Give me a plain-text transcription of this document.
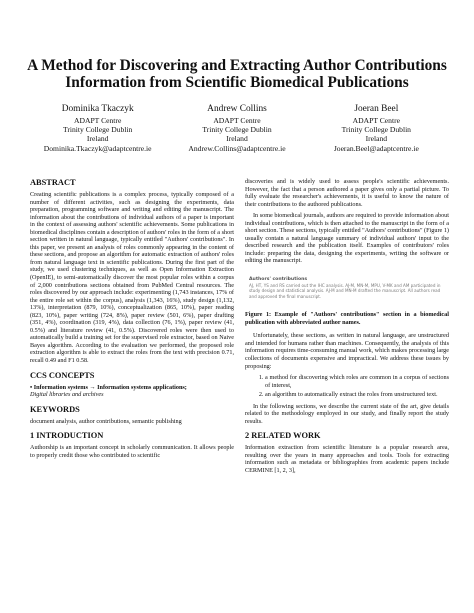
A Method for Discovering and Extracting Author Contributions Information from Scientific Biomedical Publications
Dominika Tkaczyk
ADAPT Centre
Trinity College Dublin
Ireland
Dominika.Tkaczyk@adaptcentre.ie
Andrew Collins
ADAPT Centre
Trinity College Dublin
Ireland
Andrew.Collins@adaptcentre.ie
Joeran Beel
ADAPT Centre
Trinity College Dublin
Ireland
Joeran.Beel@adaptcentre.ie
ABSTRACT

Creating scientific publications is a complex process, typically composed of a number of different activities, such as designing the experiments, data preparation, programming software and writing and editing the manuscript. The information about the contributions of individual authors of a paper is important in the context of assessing authors' scientific achievements. Some publications in biomedical disciplines contain a description of authors' roles in the form of a short section written in natural language, typically entitled "Authors' contributions". In this paper, we present an analysis of roles commonly appearing in the content of these sections, and propose an algorithm for automatic extraction of authors' roles from natural language text in scientific publications. During the first part of the study, we used clustering techniques, as well as Open Information Extraction (OpenIE), to semi-automatically discover the most popular roles within a corpus of 2,000 contributions sections obtained from PubMed Central resources. The roles discovered by our approach include: experimenting (1,743 instances, 17% of the entire role set within the corpus), analysis (1,343, 16%), study design (1,132, 13%), interpretation (879, 10%), conceptualization (865, 10%), paper reading (823, 10%), paper writing (724, 8%), paper review (501, 6%), paper drafting (351, 4%), coordination (319, 4%), data collection (76, 1%), paper review (41, 0.5%) and literature review (41, 0.5%). Discovered roles were then used to automatically build a training set for the supervised role extractor, based on Naive Bayes algorithm. According to the evaluation we performed, the proposed role extraction algorithm is able to extract the roles from the text with precision 0.71, recall 0.49 and F1 0.58.

CCS CONCEPTS

• Information systems → Information systems applications;

Digital libraries and archives

KEYWORDS

document analysis, author contributions, semantic publishing

1 INTRODUCTION

Authorship is an important concept in scholarly communication. It allows people to properly credit those who contributed to scientific

discoveries and is widely used to assess people's scientific achievements. However, the fact that a person authored a paper gives only a partial picture. To fully evaluate the researcher's achievements, it is useful to know the nature of their contributions to the authored publications.

In some biomedical journals, authors are required to provide information about individual contributions, which is then attached to the manuscript in the form of a short section. These sections, typically entitled "Authors' contributions" (Figure 1) usually contain a natural language summary of individual authors' input to the described research and the publication itself. Examples of contributors' roles include: preparing the data, designing the experiments, writing the software or editing the manuscript.

Authors' contributions
AJ, HT, YS and RS carried out the IHC analysis. AJ-M, MN-M, MPU, V-MK and AM participated in study design and statistical analysis. AJ-M and MN-M drafted the manuscript. All authors read and approved the final manuscript.

Figure 1: Example of "Authors' contributions" section in a biomedical publication with abbreviated author names.

Unfortunately, these sections, as written in natural language, are unstructured and intended for humans rather than machines. Consequently, the analysis of this information requires time-consuming manual work, which makes processing large collections of documents expensive and impractical. We address these issues by proposing:

1. a method for discovering which roles are common in a corpus of sections of interest,
2. an algorithm to automatically extract the roles from unstructured text.

In the following sections, we describe the current state of the art, give details related to the methodology employed in our study, and finally report the study results.

2 RELATED WORK

Information extraction from scientific literature is a popular research area, resulting over the years in many approaches and tools. Tools for extracting information such as metadata or bibliographies from academic papers include CERMINE [1, 2, 3],
